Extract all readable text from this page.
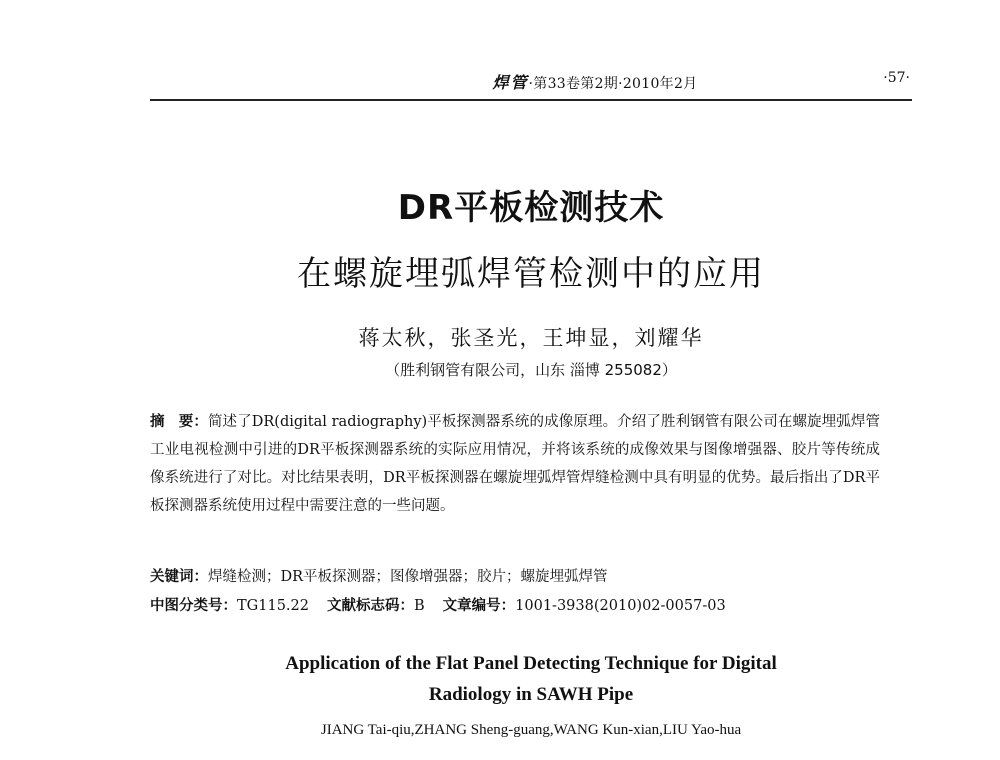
焊管·第33卷第2期·2010年2月	·57·
DR平板检测技术
在螺旋埋弧焊管检测中的应用
蒋太秋，张圣光，王坤显，刘耀华
（胜利钢管有限公司，山东 淄博 255082）
摘 要：简述了DR(digital radiography)平板探测器系统的成像原理。介绍了胜利钢管有限公司在螺旋埋弧焊管工业电视检测中引进的DR平板探测器系统的实际应用情况，并将该系统的成像效果与图像增强器、胶片等传统成像系统进行了对比。对比结果表明，DR平板探测器在螺旋埋弧焊管焊缝检测中具有明显的优势。最后指出了DR平板探测器系统使用过程中需要注意的一些问题。
关键词：焊缝检测；DR平板探测器；图像增强器；胶片；螺旋埋弧焊管
中图分类号：TG115.22 文献标志码：B 文章编号：1001-3938(2010)02-0057-03
Application of the Flat Panel Detecting Technique for Digital
Radiology in SAWH Pipe
JIANG Tai-qiu,ZHANG Sheng-guang,WANG Kun-xian,LIU Yao-hua
